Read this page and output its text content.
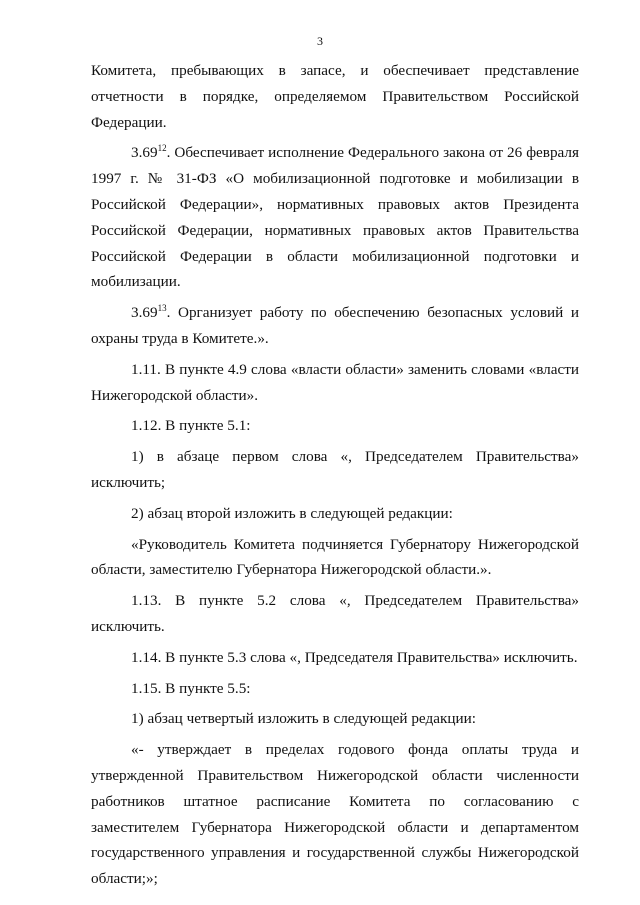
3

Комитета, пребывающих в запасе, и обеспечивает представление отчетности в порядке, определяемом Правительством Российской Федерации.

3.69$^{12}$. Обеспечивает исполнение Федерального закона от 26 февраля 1997 г. № 31-ФЗ «О мобилизационной подготовке и мобилизации в Российской Федерации», нормативных правовых актов Президента Российской Федерации, нормативных правовых актов Правительства Российской Федерации в области мобилизационной подготовки и мобилизации.

3.69$^{13}$. Организует работу по обеспечению безопасных условий и охраны труда в Комитете.».

1.11. В пункте 4.9 слова «власти области» заменить словами «власти Нижегородской области».

1.12. В пункте 5.1:

1) в абзаце первом слова «, Председателем Правительства» исключить;

2) абзац второй изложить в следующей редакции:

«Руководитель Комитета подчиняется Губернатору Нижегородской области, заместителю Губернатора Нижегородской области.».

1.13. В пункте 5.2 слова «, Председателем Правительства» исключить.

1.14. В пункте 5.3 слова «, Председателя Правительства» исключить.

1.15. В пункте 5.5:

1) абзац четвертый изложить в следующей редакции:

«- утверждает в пределах годового фонда оплаты труда и утвержденной Правительством Нижегородской области численности работников штатное расписание Комитета по согласованию с заместителем Губернатора Нижегородской области и департаментом государственного управления и государственной службы Нижегородской области;»;
